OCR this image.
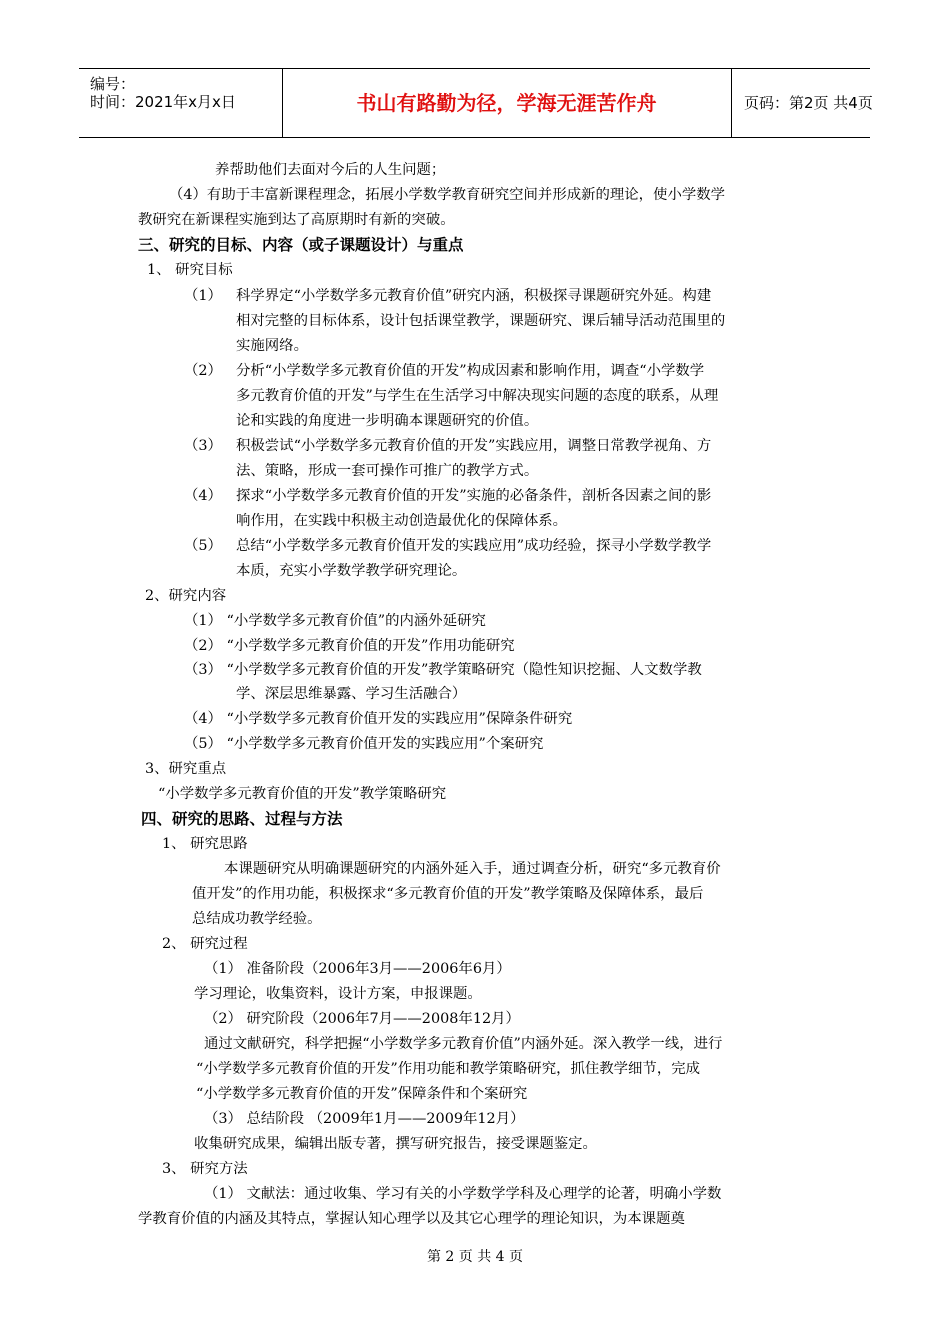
编号：
时间：2021年x月x日	书山有路勤为径，学海无涯苦作舟	页码：第2页 共4页
养帮助他们去面对今后的人生问题；
（4）有助于丰富新课程理念，拓展小学数学教育研究空间并形成新的理论，使小学数学
教研究在新课程实施到达了高原期时有新的突破。
三、研究的目标、内容（或子课题设计）与重点
1、 研究目标
（1） 科学界定“小学数学多元教育价值”研究内涵，积极探寻课题研究外延。构建
相对完整的目标体系，设计包括课堂教学，课题研究、课后辅导活动范围里的
实施网络。
（2） 分析“小学数学多元教育价值的开发”构成因素和影响作用，调查“小学数学
多元教育价值的开发”与学生在生活学习中解决现实问题的态度的联系，从理
论和实践的角度进一步明确本课题研究的价值。
（3） 积极尝试“小学数学多元教育价值的开发”实践应用，调整日常教学视角、方
法、策略，形成一套可操作可推广的教学方式。
（4） 探求“小学数学多元教育价值的开发”实施的必备条件，剖析各因素之间的影
响作用，在实践中积极主动创造最优化的保障体系。
（5） 总结“小学数学多元教育价值开发的实践应用”成功经验，探寻小学数学教学
本质，充实小学数学教学研究理论。
2、研究内容
（1） “小学数学多元教育价值”的内涵外延研究
（2） “小学数学多元教育价值的开发”作用功能研究
（3） “小学数学多元教育价值的开发”教学策略研究（隐性知识挖掘、人文数学教
学、深层思维暴露、学习生活融合）
（4） “小学数学多元教育价值开发的实践应用”保障条件研究
（5） “小学数学多元教育价值开发的实践应用”个案研究
3、研究重点
“小学数学多元教育价值的开发”教学策略研究
四、研究的思路、过程与方法
1、 研究思路
本课题研究从明确课题研究的内涵外延入手，通过调查分析，研究“多元教育价
值开发”的作用功能，积极探求“多元教育价值的开发”教学策略及保障体系，最后
总结成功教学经验。
2、 研究过程
（1） 准备阶段（2006年3月——2006年6月）
学习理论，收集资料，设计方案，申报课题。
（2） 研究阶段（2006年7月——2008年12月）
通过文献研究，科学把握“小学数学多元教育价值”内涵外延。深入教学一线，进行
“小学数学多元教育价值的开发”作用功能和教学策略研究，抓住教学细节，完成
“小学数学多元教育价值的开发”保障条件和个案研究
（3） 总结阶段 （2009年1月——2009年12月）
收集研究成果，编辑出版专著，撰写研究报告，接受课题鉴定。
3、 研究方法
（1） 文献法：通过收集、学习有关的小学数学学科及心理学的论著，明确小学数
学教育价值的内涵及其特点，掌握认知心理学以及其它心理学的理论知识，为本课题奠
第 2 页 共 4 页
